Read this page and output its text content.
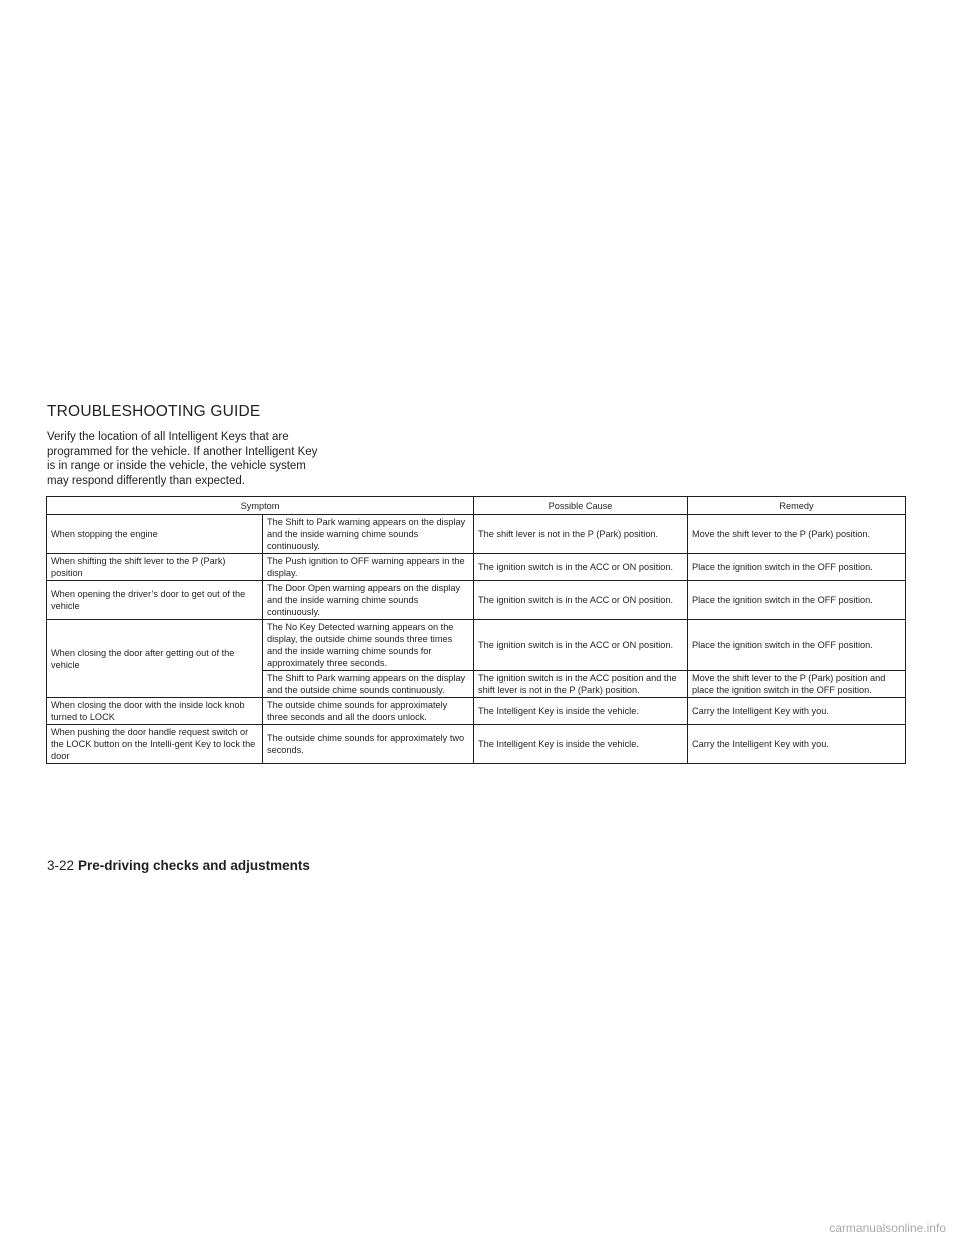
TROUBLESHOOTING GUIDE

Verify the location of all Intelligent Keys that are programmed for the vehicle. If another Intelligent Key is in range or inside the vehicle, the vehicle system may respond differently than expected.

Symptom		Possible Cause	Remedy
When stopping the engine	The Shift to Park warning appears on the display and the inside warning chime sounds continuously.	The shift lever is not in the P (Park) position.	Move the shift lever to the P (Park) position.
When shifting the shift lever to the P (Park) position	The Push ignition to OFF warning appears in the display.	The ignition switch is in the ACC or ON position.	Place the ignition switch in the OFF position.
When opening the driver’s door to get out of the vehicle	The Door Open warning appears on the display and the inside warning chime sounds continuously.	The ignition switch is in the ACC or ON position.	Place the ignition switch in the OFF position.
When closing the door after getting out of the vehicle	The No Key Detected warning appears on the display, the outside chime sounds three times and the inside warning chime sounds for approximately three seconds.	The ignition switch is in the ACC or ON position.	Place the ignition switch in the OFF position.
	The Shift to Park warning appears on the display and the outside chime sounds continuously.	The ignition switch is in the ACC position and the shift lever is not in the P (Park) position.	Move the shift lever to the P (Park) position and place the ignition switch in the OFF position.
When closing the door with the inside lock knob turned to LOCK	The outside chime sounds for approximately three seconds and all the doors unlock.	The Intelligent Key is inside the vehicle.	Carry the Intelligent Key with you.
When pushing the door handle request switch or the LOCK button on the Intelli-gent Key to lock the door	The outside chime sounds for approximately two seconds.	The Intelligent Key is inside the vehicle.	Carry the Intelligent Key with you.
3-22 Pre-driving checks and adjustments
carmanualsonline.info
